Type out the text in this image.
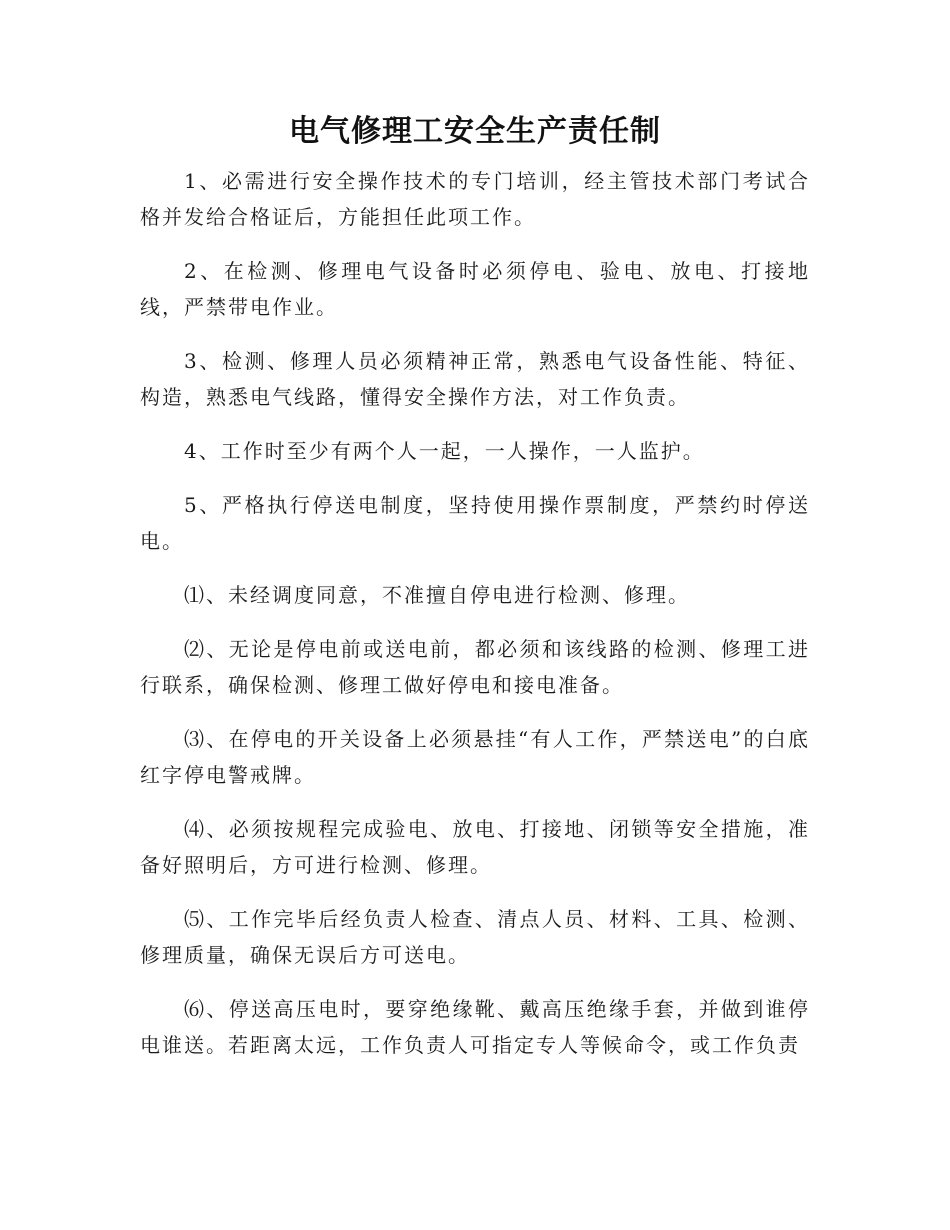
电气修理工安全生产责任制

1、必需进行安全操作技术的专门培训，经主管技术部门考试合格并发给合格证后，方能担任此项工作。

2、在检测、修理电气设备时必须停电、验电、放电、打接地线，严禁带电作业。

3、检测、修理人员必须精神正常，熟悉电气设备性能、特征、构造，熟悉电气线路，懂得安全操作方法，对工作负责。

4、工作时至少有两个人一起，一人操作，一人监护。

5、严格执行停送电制度，坚持使用操作票制度，严禁约时停送电。

⑴、未经调度同意，不准擅自停电进行检测、修理。

⑵、无论是停电前或送电前，都必须和该线路的检测、修理工进行联系，确保检测、修理工做好停电和接电准备。

⑶、在停电的开关设备上必须悬挂“有人工作，严禁送电”的白底红字停电警戒牌。

⑷、必须按规程完成验电、放电、打接地、闭锁等安全措施，准备好照明后，方可进行检测、修理。

⑸、工作完毕后经负责人检查、清点人员、材料、工具、检测、修理质量，确保无误后方可送电。

⑹、停送高压电时，要穿绝缘靴、戴高压绝缘手套，并做到谁停电谁送。若距离太远，工作负责人可指定专人等候命令，或工作负责
